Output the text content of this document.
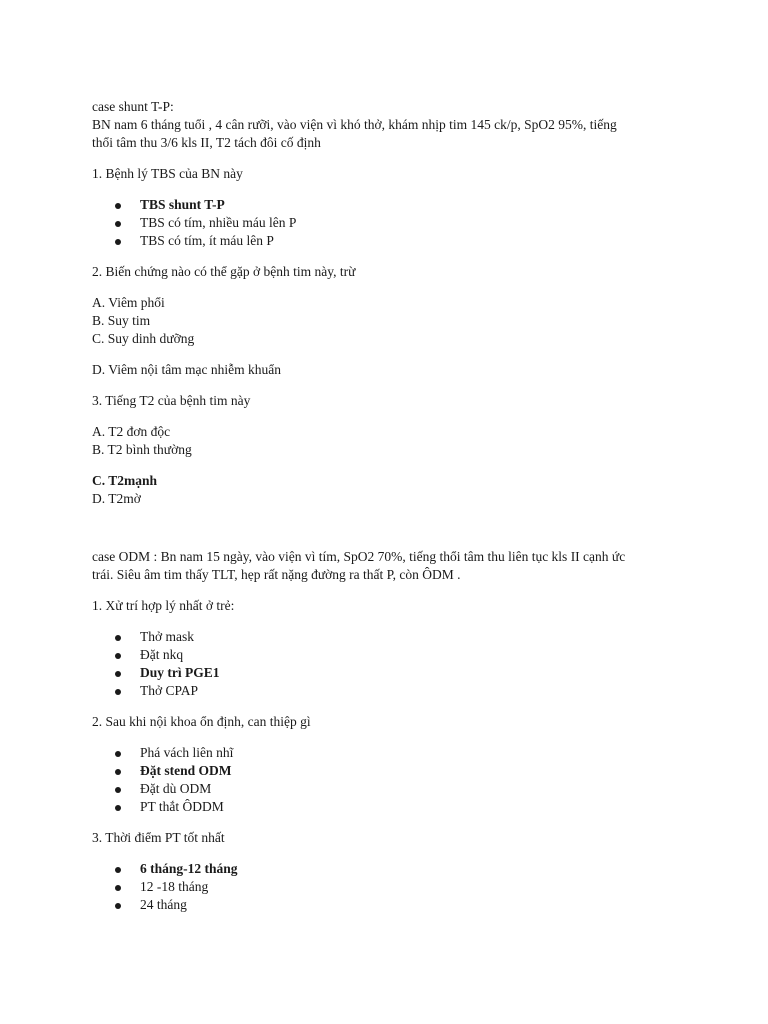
case shunt T-P:

BN nam 6 tháng tuổi , 4 cân rưỡi, vào viện vì khó thở, khám nhịp tim 145 ck/p, SpO2 95%, tiếng

thổi tâm thu 3/6 kls II, T2 tách đôi cố định

1. Bệnh lý TBS của BN này

TBS shunt T-P
TBS có tím, nhiều máu lên P
TBS có tím, ít máu lên P

2. Biến chứng nào có thể gặp ở bệnh tim này, trừ

A. Viêm phổi

B. Suy tim

C. Suy dinh dưỡng

D. Viêm nội tâm mạc nhiễm khuẩn

3. Tiếng T2 của bệnh tim này

A. T2 đơn độc

B. T2 bình thường

C. T2mạnh

D. T2mờ

case ODM : Bn nam 15 ngày, vào viện vì tím, SpO2 70%, tiếng thổi tâm thu liên tục kls II cạnh ức

trái. Siêu âm tim thấy TLT, hẹp rất nặng đường ra thất P, còn ÔDM .

1. Xử trí hợp lý nhất ở trẻ:

Thở mask
Đặt nkq
Duy trì PGE1
Thở CPAP

2. Sau khi nội khoa ổn định, can thiệp gì

Phá vách liên nhĩ
Đặt stend ODM
Đặt dù ODM
PT thắt ÔDDM

3. Thời điểm PT tốt nhất

6 tháng-12 tháng
12 -18 tháng
24 tháng
